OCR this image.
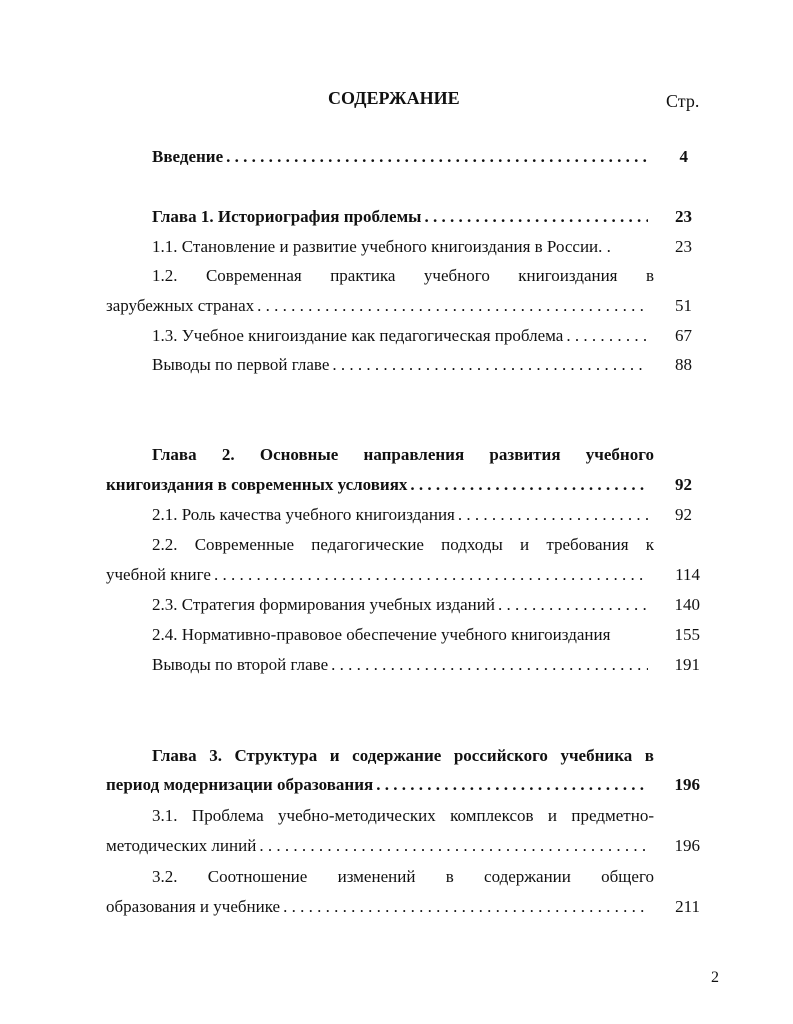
СОДЕРЖАНИЕ	Стр.
Введение . . .	4
Глава 1. Историография проблемы . . .	23
1.1. Становление и развитие учебного книгоиздания в России. .	23
1.2. Современная практика учебного книгоиздания в
зарубежных странах . . .	51
1.3. Учебное книгоиздание как педагогическая проблема . . .	67
Выводы по первой главе . . .	88
Глава 2. Основные направления развития учебного
книгоиздания в современных условиях . . .	92
2.1. Роль качества учебного книгоиздания . . .	92
2.2. Современные педагогические подходы и требования к
учебной книге . . .	114
2.3. Стратегия формирования учебных изданий . . .	140
2.4. Нормативно-правовое обеспечение учебного книгоиздания	155
Выводы по второй главе . . .	191
Глава 3. Структура и содержание российского учебника в
период модернизации образования . . .	196
3.1. Проблема учебно-методических комплексов и предметно-
методических линий . . .	196
3.2. Соотношение изменений в содержании общего
образования и учебнике . . .	211
2
